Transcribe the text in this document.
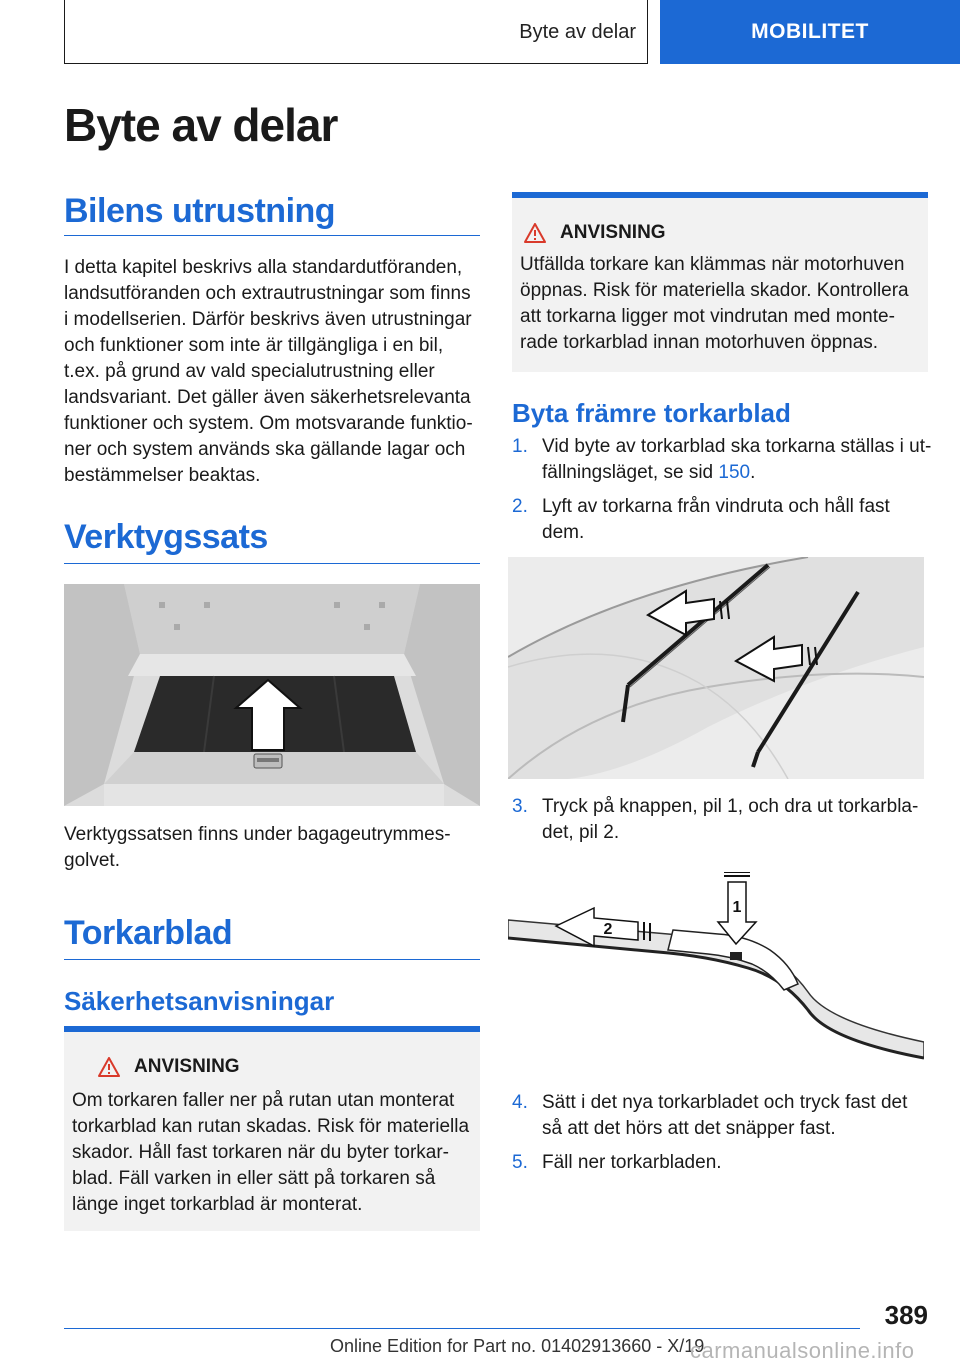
Byte av delar	MOBILITET
Byte av delar
Bilens utrustning
I detta kapitel beskrivs alla standardutföranden,
landsutföranden och extrautrustningar som finns
i modellserien. Därför beskrivs även utrustningar
och funktioner som inte är tillgängliga i en bil,
t.ex. på grund av vald specialutrustning eller
landsvariant. Det gäller även säkerhetsrelevanta
funktioner och system. Om motsvarande funktio‐
ner och system används ska gällande lagar och
bestämmelser beaktas.
Verktygssats
Verktygssatsen finns under bagageutrymmes‐
golvet.
Torkarblad
Säkerhetsanvisningar
ANVISNING
Om torkaren faller ner på rutan utan monterat
torkarblad kan rutan skadas. Risk för materiella
skador. Håll fast torkaren när du byter torkar‐
blad. Fäll varken in eller sätt på torkaren så
länge inget torkarblad är monterat.
ANVISNING
Utfällda torkare kan klämmas när motorhuven
öppnas. Risk för materiella skador. Kontrollera
att torkarna ligger mot vindrutan med monte‐
rade torkarblad innan motorhuven öppnas.
Byta främre torkarblad
1. Vid byte av torkarblad ska torkarna ställas i ut‐
fällningsläget, se sid 150.
2. Lyft av torkarna från vindruta och håll fast
dem.
3. Tryck på knappen, pil 1, och dra ut torkarbla‐
det, pil 2.
1
2
4. Sätt i det nya torkarbladet och tryck fast det
så att det hörs att det snäpper fast.
5. Fäll ner torkarbladen.
389
Online Edition for Part no. 01402913660 - X/19
carmanualsonline.info
